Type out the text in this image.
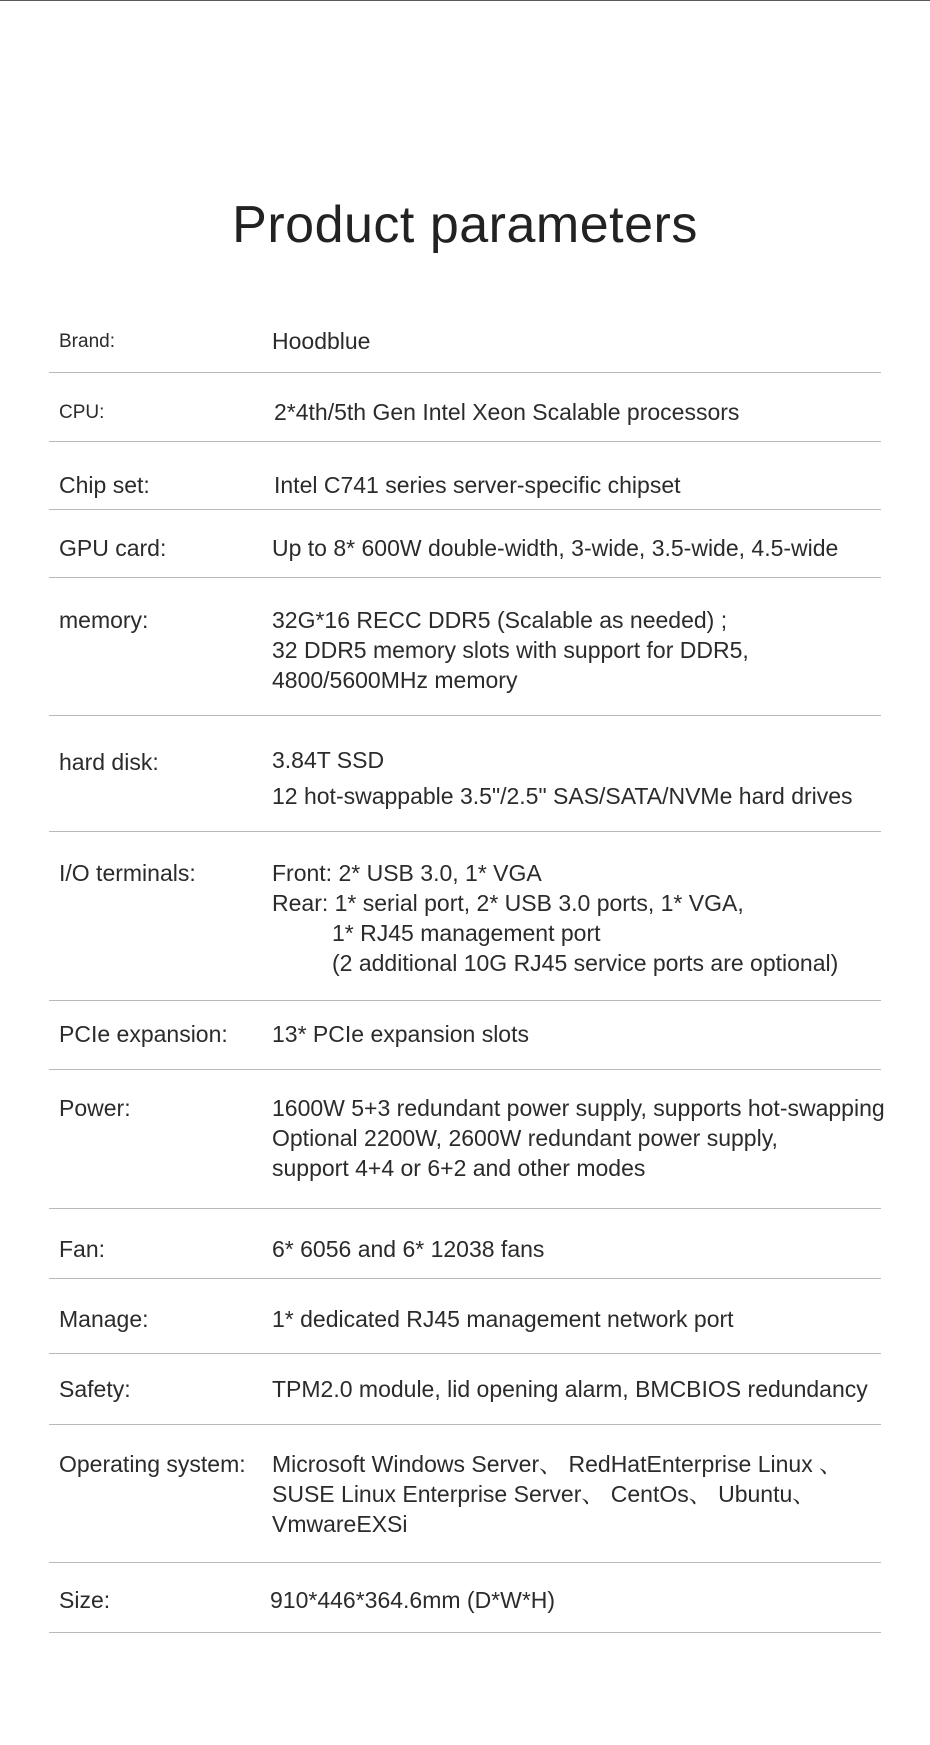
Product parameters
Brand:	Hoodblue
CPU:	2*4th/5th Gen Intel Xeon Scalable processors
Chip set:	Intel C741 series server-specific chipset
GPU card:	Up to 8* 600W double-width, 3-wide, 3.5-wide, 4.5-wide
memory:	32G*16 RECC DDR5 (Scalable as needed) ;
32 DDR5 memory slots with support for DDR5,
4800/5600MHz memory
hard disk:	3.84T SSD
12 hot-swappable 3.5"/2.5" SAS/SATA/NVMe hard drives
I/O terminals:	Front: 2* USB 3.0, 1* VGA
Rear: 1* serial port, 2* USB 3.0 ports, 1* VGA,
1* RJ45 management port
(2 additional 10G RJ45 service ports are optional)
PCIe expansion: 13* PCIe expansion slots
Power:	1600W 5+3 redundant power supply, supports hot-swapping
Optional 2200W, 2600W redundant power supply,
support 4+4 or 6+2 and other modes
Fan:	6* 6056 and 6* 12038 fans
Manage:	1* dedicated RJ45 management network port
Safety:	TPM2.0 module, lid opening alarm, BMCBIOS redundancy
Operating system: Microsoft Windows Server、 RedHatEnterprise Linux 、
SUSE Linux Enterprise Server、 CentOs、 Ubuntu、
VmwareEXSi
Size:	910*446*364.6mm (D*W*H)
